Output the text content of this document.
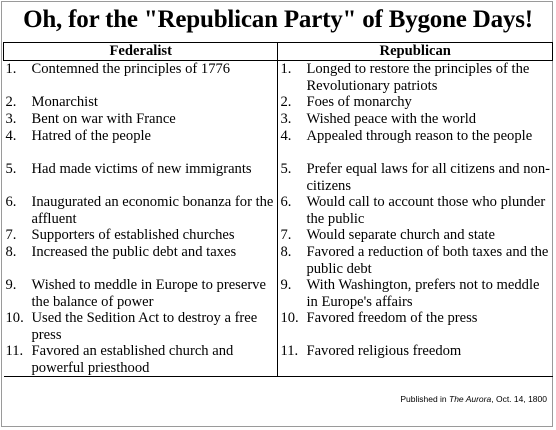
Oh, for the "Republican Party" of Bygone Days!
Federalist	Republican

1. Contemned the principles of 1776	1. Longed to restore the principles of the Revolutionary patriots

2. Monarchist	2. Foes of monarchy

3. Bent on war with France	3. Wished peace with the world

4. Hatred of the people	4. Appealed through reason to the people

5. Had made victims of new immigrants	5. Prefer equal laws for all citizens and non-citizens

6. Inaugurated an economic bonanza for the affluent	6. Would call to account those who plunder the public

7. Supporters of established churches	7. Would separate church and state

8. Increased the public debt and taxes	8. Favored a reduction of both taxes and the public debt

9. Wished to meddle in Europe to preserve the balance of power	9. With Washington, prefers not to meddle in Europe's affairs

10. Used the Sedition Act to destroy a free press	10. Favored freedom of the press

11. Favored an established church and powerful priesthood	11. Favored religious freedom
Published in The Aurora, Oct. 14, 1800
